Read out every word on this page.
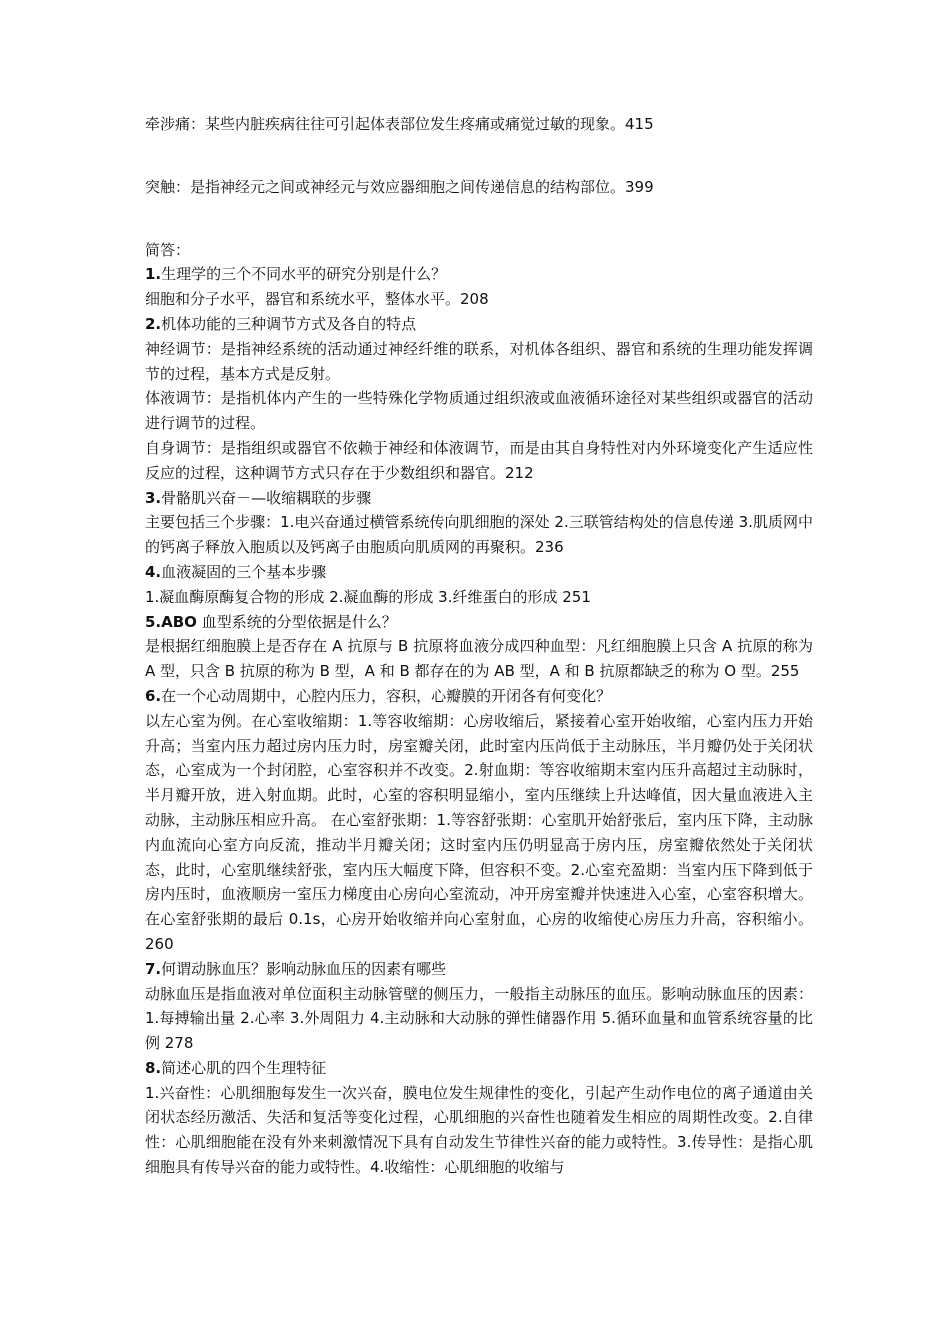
牵涉痛：某些内脏疾病往往可引起体表部位发生疼痛或痛觉过敏的现象。415

突触：是指神经元之间或神经元与效应器细胞之间传递信息的结构部位。399

简答：

1.生理学的三个不同水平的研究分别是什么？

细胞和分子水平，器官和系统水平，整体水平。208

2.机体功能的三种调节方式及各自的特点

神经调节：是指神经系统的活动通过神经纤维的联系，对机体各组织、器官和系统的生理功能发挥调节的过程，基本方式是反射。

体液调节：是指机体内产生的一些特殊化学物质通过组织液或血液循环途径对某些组织或器官的活动进行调节的过程。

自身调节：是指组织或器官不依赖于神经和体液调节，而是由其自身特性对内外环境变化产生适应性反应的过程，这种调节方式只存在于少数组织和器官。212

3.骨骼肌兴奋－—收缩耦联的步骤

主要包括三个步骤：1.电兴奋通过横管系统传向肌细胞的深处 2.三联管结构处的信息传递 3.肌质网中的钙离子释放入胞质以及钙离子由胞质向肌质网的再聚积。236

4.血液凝固的三个基本步骤

1.凝血酶原酶复合物的形成 2.凝血酶的形成 3.纤维蛋白的形成 251

5.ABO 血型系统的分型依据是什么？

是根据红细胞膜上是否存在 A 抗原与 B 抗原将血液分成四种血型：凡红细胞膜上只含 A 抗原的称为 A 型，只含 B 抗原的称为 B 型，A 和 B 都存在的为 AB 型，A 和 B 抗原都缺乏的称为 O 型。255

6.在一个心动周期中，心腔内压力，容积，心瓣膜的开闭各有何变化？

以左心室为例。在心室收缩期：1.等容收缩期：心房收缩后，紧接着心室开始收缩，心室内压力开始升高；当室内压力超过房内压力时，房室瓣关闭，此时室内压尚低于主动脉压，半月瓣仍处于关闭状态，心室成为一个封闭腔，心室容积并不改变。2.射血期：等容收缩期末室内压升高超过主动脉时，半月瓣开放，进入射血期。此时，心室的容积明显缩小，室内压继续上升达峰值，因大量血液进入主动脉，主动脉压相应升高。 在心室舒张期：1.等容舒张期：心室肌开始舒张后，室内压下降，主动脉内血流向心室方向反流，推动半月瓣关闭；这时室内压仍明显高于房内压，房室瓣依然处于关闭状态，此时，心室肌继续舒张，室内压大幅度下降，但容积不变。2.心室充盈期：当室内压下降到低于房内压时，血液顺房一室压力梯度由心房向心室流动，冲开房室瓣并快速进入心室，心室容积增大。在心室舒张期的最后 0.1s，心房开始收缩并向心室射血，心房的收缩使心房压力升高，容积缩小。260

7.何谓动脉血压？影响动脉血压的因素有哪些

动脉血压是指血液对单位面积主动脉管壁的侧压力，一般指主动脉压的血压。影响动脉血压的因素：1.每搏输出量 2.心率 3.外周阻力 4.主动脉和大动脉的弹性储器作用 5.循环血量和血管系统容量的比例 278

8.简述心肌的四个生理特征

1.兴奋性：心肌细胞每发生一次兴奋，膜电位发生规律性的变化，引起产生动作电位的离子通道由关闭状态经历激活、失活和复活等变化过程，心肌细胞的兴奋性也随着发生相应的周期性改变。2.自律性：心肌细胞能在没有外来刺激情况下具有自动发生节律性兴奋的能力或特性。3.传导性：是指心肌细胞具有传导兴奋的能力或特性。4.收缩性：心肌细胞的收缩与
